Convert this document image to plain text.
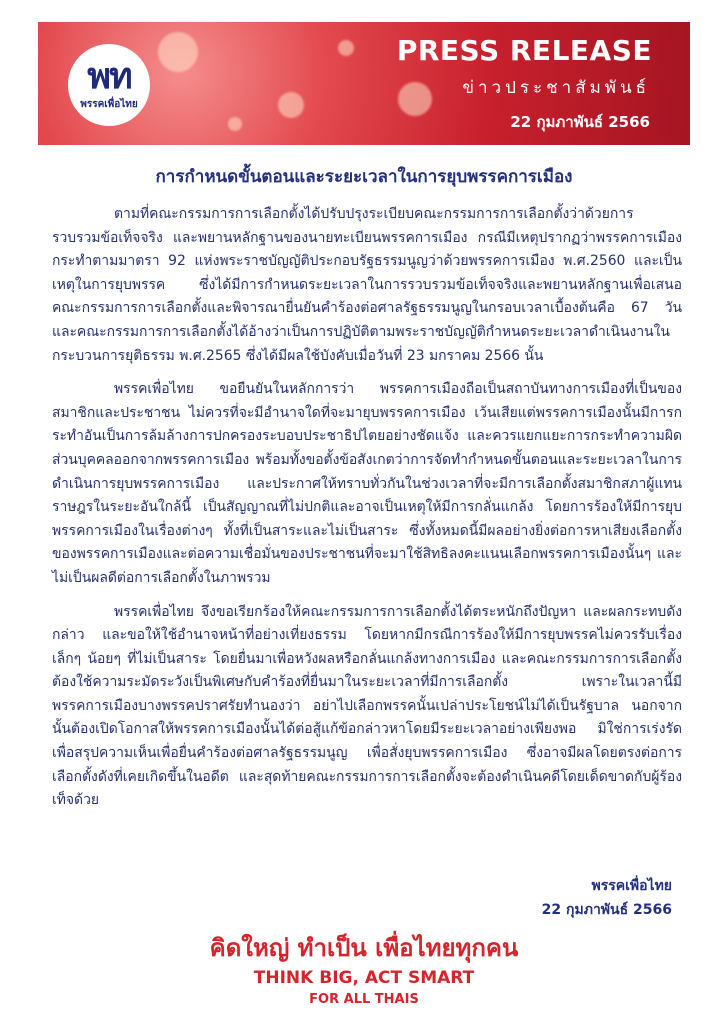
พท
พรรคเพื่อไทย
PRESS RELEASE
ข่าวประชาสัมพันธ์
22 กุมภาพันธ์ 2566
การกำหนดขั้นตอนและระยะเวลาในการยุบพรรคการเมือง

ตามที่คณะกรรมการการเลือกตั้งได้ปรับปรุงระเบียบคณะกรรมการการเลือกตั้งว่าด้วยการรวบรวมข้อเท็จจริง และพยานหลักฐานของนายทะเบียนพรรคการเมือง กรณีมีเหตุปรากฏว่าพรรคการเมืองกระทำตามมาตรา 92 แห่งพระราชบัญญัติประกอบรัฐธรรมนูญว่าด้วยพรรคการเมือง พ.ศ.2560 และเป็นเหตุในการยุบพรรค ซึ่งได้มีการกำหนดระยะเวลาในการรวบรวมข้อเท็จจริงและพยานหลักฐานเพื่อเสนอคณะกรรมการการเลือกตั้งและพิจารณายื่นยันคำร้องต่อศาลรัฐธรรมนูญในกรอบเวลาเบื้องต้นคือ 67 วัน และคณะกรรมการการเลือกตั้งได้อ้างว่าเป็นการปฏิบัติตามพระราชบัญญัติกำหนดระยะเวลาดำเนินงานในกระบวนการยุติธรรม พ.ศ.2565 ซึ่งได้มีผลใช้บังคับเมื่อวันที่ 23 มกราคม 2566 นั้น

พรรคเพื่อไทย ขอยืนยันในหลักการว่า พรรคการเมืองถือเป็นสถาบันทางการเมืองที่เป็นของสมาชิกและประชาชน ไม่ควรที่จะมีอำนาจใดที่จะมายุบพรรคการเมือง เว้นเสียแต่พรรคการเมืองนั้นมีการกระทำอันเป็นการล้มล้างการปกครองระบอบประชาธิปไตยอย่างชัดแจ้ง และควรแยกแยะการกระทำความผิดส่วนบุคคลออกจากพรรคการเมือง พร้อมทั้งขอตั้งข้อสังเกตว่าการจัดทำกำหนดขั้นตอนและระยะเวลาในการดำเนินการยุบพรรคการเมือง และประกาศให้ทราบทั่วกันในช่วงเวลาที่จะมีการเลือกตั้งสมาชิกสภาผู้แทนราษฎรในระยะอันใกล้นี้ เป็นสัญญาณที่ไม่ปกติและอาจเป็นเหตุให้มีการกลั่นแกล้ง โดยการร้องให้มีการยุบพรรคการเมืองในเรื่องต่างๆ ทั้งที่เป็นสาระและไม่เป็นสาระ ซึ่งทั้งหมดนี้มีผลอย่างยิ่งต่อการหาเสียงเลือกตั้งของพรรคการเมืองและต่อความเชื่อมั่นของประชาชนที่จะมาใช้สิทธิลงคะแนนเลือกพรรคการเมืองนั้นๆ และไม่เป็นผลดีต่อการเลือกตั้งในภาพรวม

พรรคเพื่อไทย จึงขอเรียกร้องให้คณะกรรมการการเลือกตั้งได้ตระหนักถึงปัญหา และผลกระทบดังกล่าว และขอให้ใช้อำนาจหน้าที่อย่างเที่ยงธรรม โดยหากมีกรณีการร้องให้มีการยุบพรรคไม่ควรรับเรื่องเล็กๆ น้อยๆ ที่ไม่เป็นสาระ โดยยื่นมาเพื่อหวังผลหรือกลั่นแกล้งทางการเมือง และคณะกรรมการการเลือกตั้งต้องใช้ความระมัดระวังเป็นพิเศษกับคำร้องที่ยื่นมาในระยะเวลาที่มีการเลือกตั้ง เพราะในเวลานี้มีพรรคการเมืองบางพรรคปราศรัยทำนองว่า อย่าไปเลือกพรรคนั้นเปล่าประโยชน์ไม่ได้เป็นรัฐบาล นอกจากนั้นต้องเปิดโอกาสให้พรรคการเมืองนั้นได้ต่อสู้แก้ข้อกล่าวหาโดยมีระยะเวลาอย่างเพียงพอ มิใช่การเร่งรัดเพื่อสรุปความเห็นเพื่อยื่นคำร้องต่อศาลรัฐธรรมนูญ เพื่อสั่งยุบพรรคการเมือง ซึ่งอาจมีผลโดยตรงต่อการเลือกตั้งดังที่เคยเกิดขึ้นในอดีต และสุดท้ายคณะกรรมการการเลือกตั้งจะต้องดำเนินคดีโดยเด็ดขาดกับผู้ร้องเท็จด้วย

พรรคเพื่อไทย
22 กุมภาพันธ์ 2566
คิดใหญ่ ทำเป็น เพื่อไทยทุกคน
THINK BIG, ACT SMART
FOR ALL THAIS
